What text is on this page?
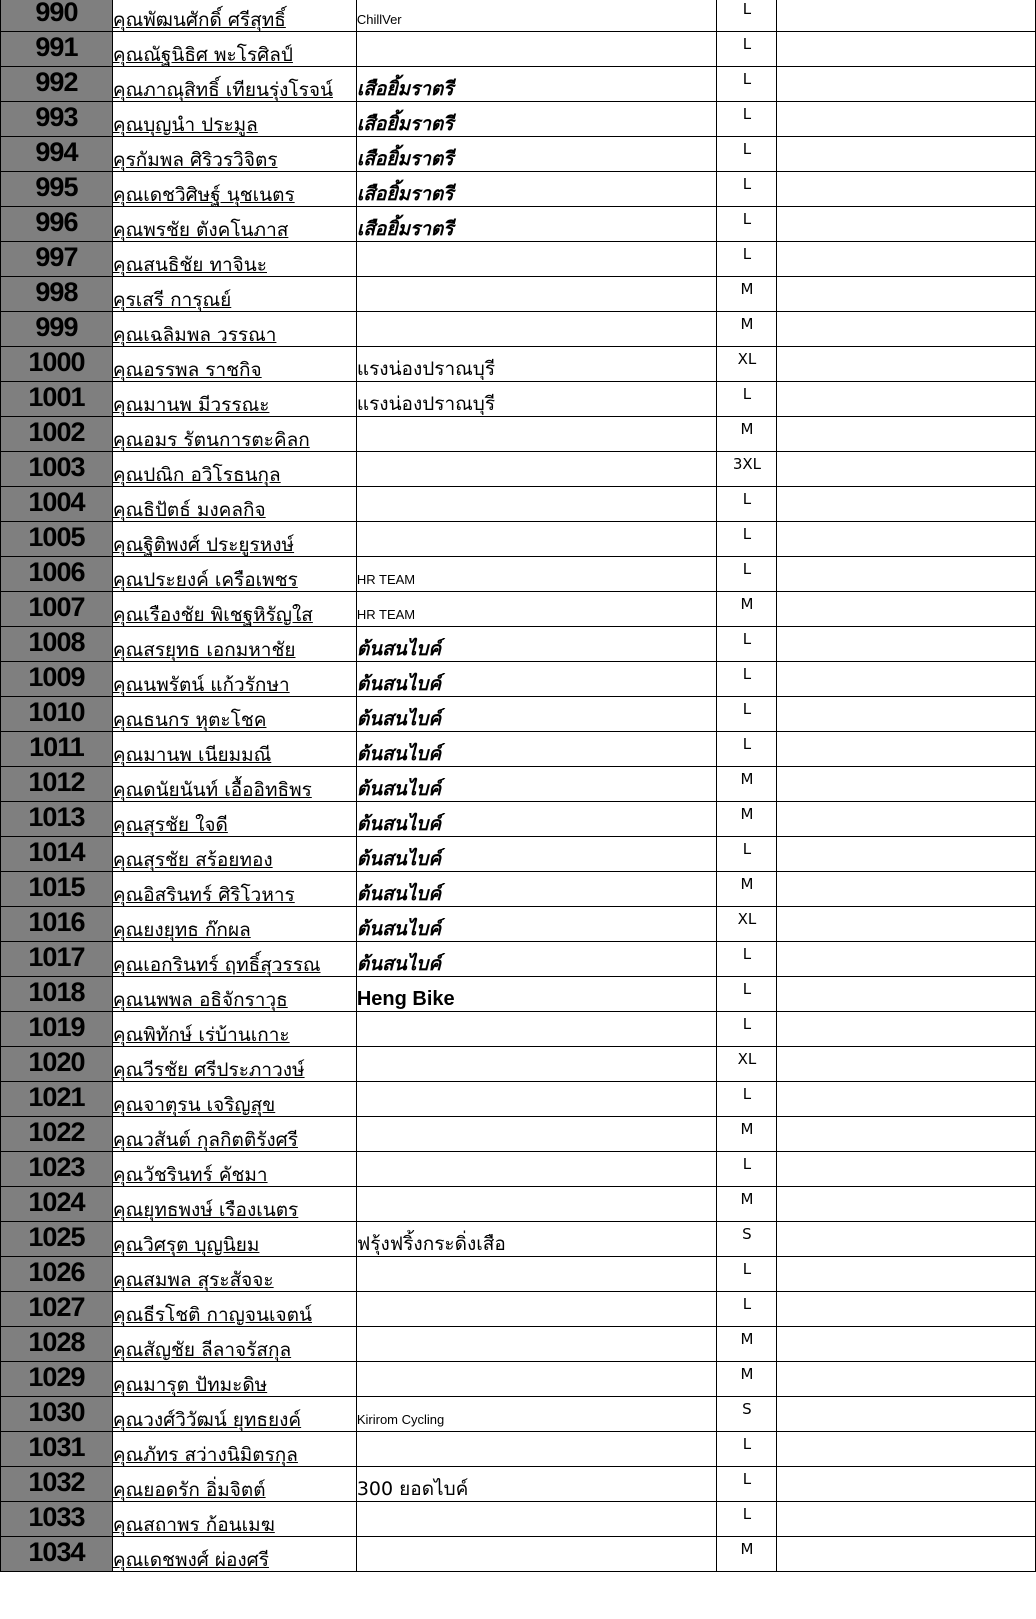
990	คุณพัฒนศักดิ์ ศรีสุทธิ์	ChillVer	L	
991	คุณณัฐนิธิศ พะโรศิลป์		L	
992	คุณภาณุสิทธิ์ เทียนรุ่งโรจน์	เสือยิ้มราตรี	L	
993	คุณบุญนำ ประมูล	เสือยิ้มราตรี	L	
994	คุรกัมพล ศิริวรวิจิตร	เสือยิ้มราตรี	L	
995	คุณเดชวิศิษฐ์ นุชเนตร	เสือยิ้มราตรี	L	
996	คุณพรชัย ตังคโนภาส	เสือยิ้มราตรี	L	
997	คุณสนธิชัย ทาจินะ		L	
998	คุรเสรี การุณย์		M	
999	คุณเฉลิมพล วรรณา		M	
1000	คุณอรรพล ราชกิจ	แรงน่องปราณบุรี	XL	
1001	คุณมานพ มีวรรณะ	แรงน่องปราณบุรี	L	
1002	คุณอมร รัตนการตะคิลก		M	
1003	คุณปณิก อวิโรธนกุล		3XL	
1004	คุณธิปัตธ์ มงคลกิจ		L	
1005	คุณฐิติพงศ์ ประยูรหงษ์		L	
1006	คุณประยงค์ เครือเพชร	HR TEAM	L	
1007	คุณเรืองชัย พิเชฐหิรัญใส	HR TEAM	M	
1008	คุณสรยุทธ เอกมหาชัย	ต้นสนไบค์	L	
1009	คุณนพรัตน์ แก้วรักษา	ต้นสนไบค์	L	
1010	คุณธนกร หุตะโชค	ต้นสนไบค์	L	
1011	คุณมานพ เนียมมณี	ต้นสนไบค์	L	
1012	คุณดนัยนันท์ เอื้ออิทธิพร	ต้นสนไบค์	M	
1013	คุณสุรชัย ใจดี	ต้นสนไบค์	M	
1014	คุณสุรชัย สร้อยทอง	ต้นสนไบค์	L	
1015	คุณอิสรินทร์ ศิริโวหาร	ต้นสนไบค์	M	
1016	คุณยงยุทธ ก๊กผล	ต้นสนไบค์	XL	
1017	คุณเอกรินทร์ ฤทธิ์สุวรรณ	ต้นสนไบค์	L	
1018	คุณนพพล อธิจักราวุธ	Heng Bike	L	
1019	คุณพิทักษ์ เร่บ้านเกาะ		L	
1020	คุณวีรชัย ศรีประภาวงษ์		XL	
1021	คุณจาตุรน เจริญสุข		L	
1022	คุณวสันต์ กุลกิตติรังศรี		M	
1023	คุณวัชรินทร์ คัชมา		L	
1024	คุณยุทธพงษ์ เรืองเนตร		M	
1025	คุณวิศรุต บุญนิยม	ฟรุ้งฟริ้งกระดิ่งเสือ	S	
1026	คุณสมพล สุระสัจจะ		L	
1027	คุณธีรโชติ กาญจนเจตน์		L	
1028	คุณสัญชัย ลีลาจรัสกุล		M	
1029	คุณมารุต ปัทมะดิษ		M	
1030	คุณวงศ์วิวัฒน์ ยุทธยงค์	Kirirom Cycling	S	
1031	คุณภัทร สว่างนิมิตรกุล		L	
1032	คุณยอดรัก อิ่มจิตต์	300 ยอดไบค์	L	
1033	คุณสถาพร ก้อนเมฆ		L	
1034	คุณเดชพงศ์ ผ่องศรี		M	
